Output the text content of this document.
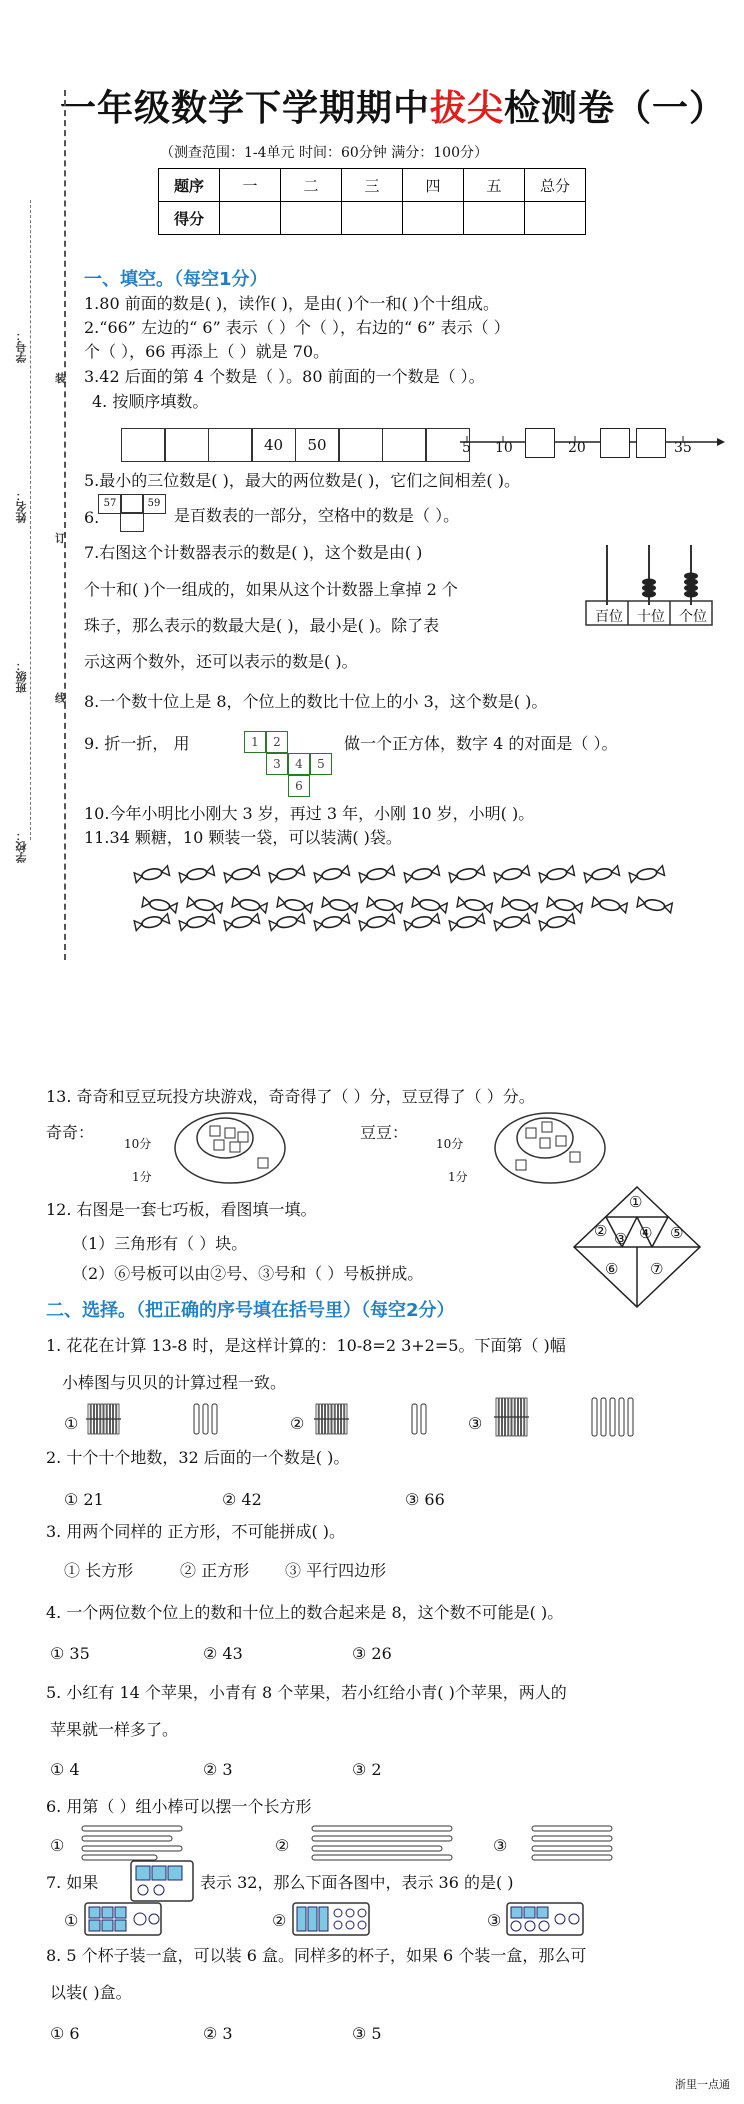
一年级数学下学期期中拔尖检测卷（一）
（测查范围：1-4单元 时间：60分钟 满分：100分）
题序	一	二	三	四	五	总分
得分						
学号：
姓名：
班级：
学校：
装
订
线
一、填空。（每空1分）
1.80 前面的数是( )，读作( )，是由( )个一和( )个十组成。
2.“66” 左边的“ 6” 表示（ ）个（ ），右边的“ 6” 表示（ ）
个（ ），66 再添上（ ）就是 70。
3.42 后面的第 4 个数是（ ）。80 前面的一个数是（ ）。
4. 按顺序填数。
40	50	5 10	20	35
5.最小的三位数是( )，最大的两位数是( )，它们之间相差( )。
6.
57	59
是百数表的一部分，空格中的数是（ ）。
7.右图这个计数器表示的数是( )，这个数是由( )
个十和( )个一组成的，如果从这个计数器上拿掉 2 个
珠子，那么表示的数最大是( )，最小是( )。除了表
示这两个数外，还可以表示的数是( )。
百位	十位	个位
8.一个数十位上是 8，个位上的数比十位上的小 3，这个数是( )。
9. 折一折， 用	1	2
3	4	5
6
做一个正方体，数字 4 的对面是（ ）。
10.今年小明比小刚大 3 岁，再过 3 年，小刚 10 岁，小明( )。
11.34 颗糖，10 颗装一袋，可以装满( )袋。
13. 奇奇和豆豆玩投方块游戏，奇奇得了（ ）分，豆豆得了（ ）分。
奇奇：	豆豆：
10分
1分
10分
1分
12. 右图是一套七巧板，看图填一填。
（1）三角形有（ ）块。
（2）⑥号板可以由②号、③号和（ ）号板拼成。
①
② ③ ④ ⑤
⑥ ⑦
二、选择。（把正确的序号填在括号里）（每空2分）
1. 花花在计算 13-8 时，是这样计算的：10-8=2 3+2=5。下面第（ )幅
小棒图与贝贝的计算过程一致。
①	②	③
2. 十个十个地数，32 后面的一个数是( )。
① 21	② 42	③ 66
3. 用两个同样的 正方形，不可能拼成( )。
① 长方形	② 正方形 ③ 平行四边形
4. 一个两位数个位上的数和十位上的数合起来是 8，这个数不可能是( )。
① 35	② 43	③ 26
5. 小红有 14 个苹果，小青有 8 个苹果，若小红给小青( )个苹果，两人的
苹果就一样多了。
① 4	② 3	③ 2
6. 用第（ ）组小棒可以摆一个长方形
①	②	③
7. 如果	表示 32，那么下面各图中，表示 36 的是( )
①	②	③
8. 5 个杯子装一盒，可以装 6 盒。同样多的杯子，如果 6 个装一盒，那么可
以装( )盒。
① 6	② 3	③ 5
浙里一点通
